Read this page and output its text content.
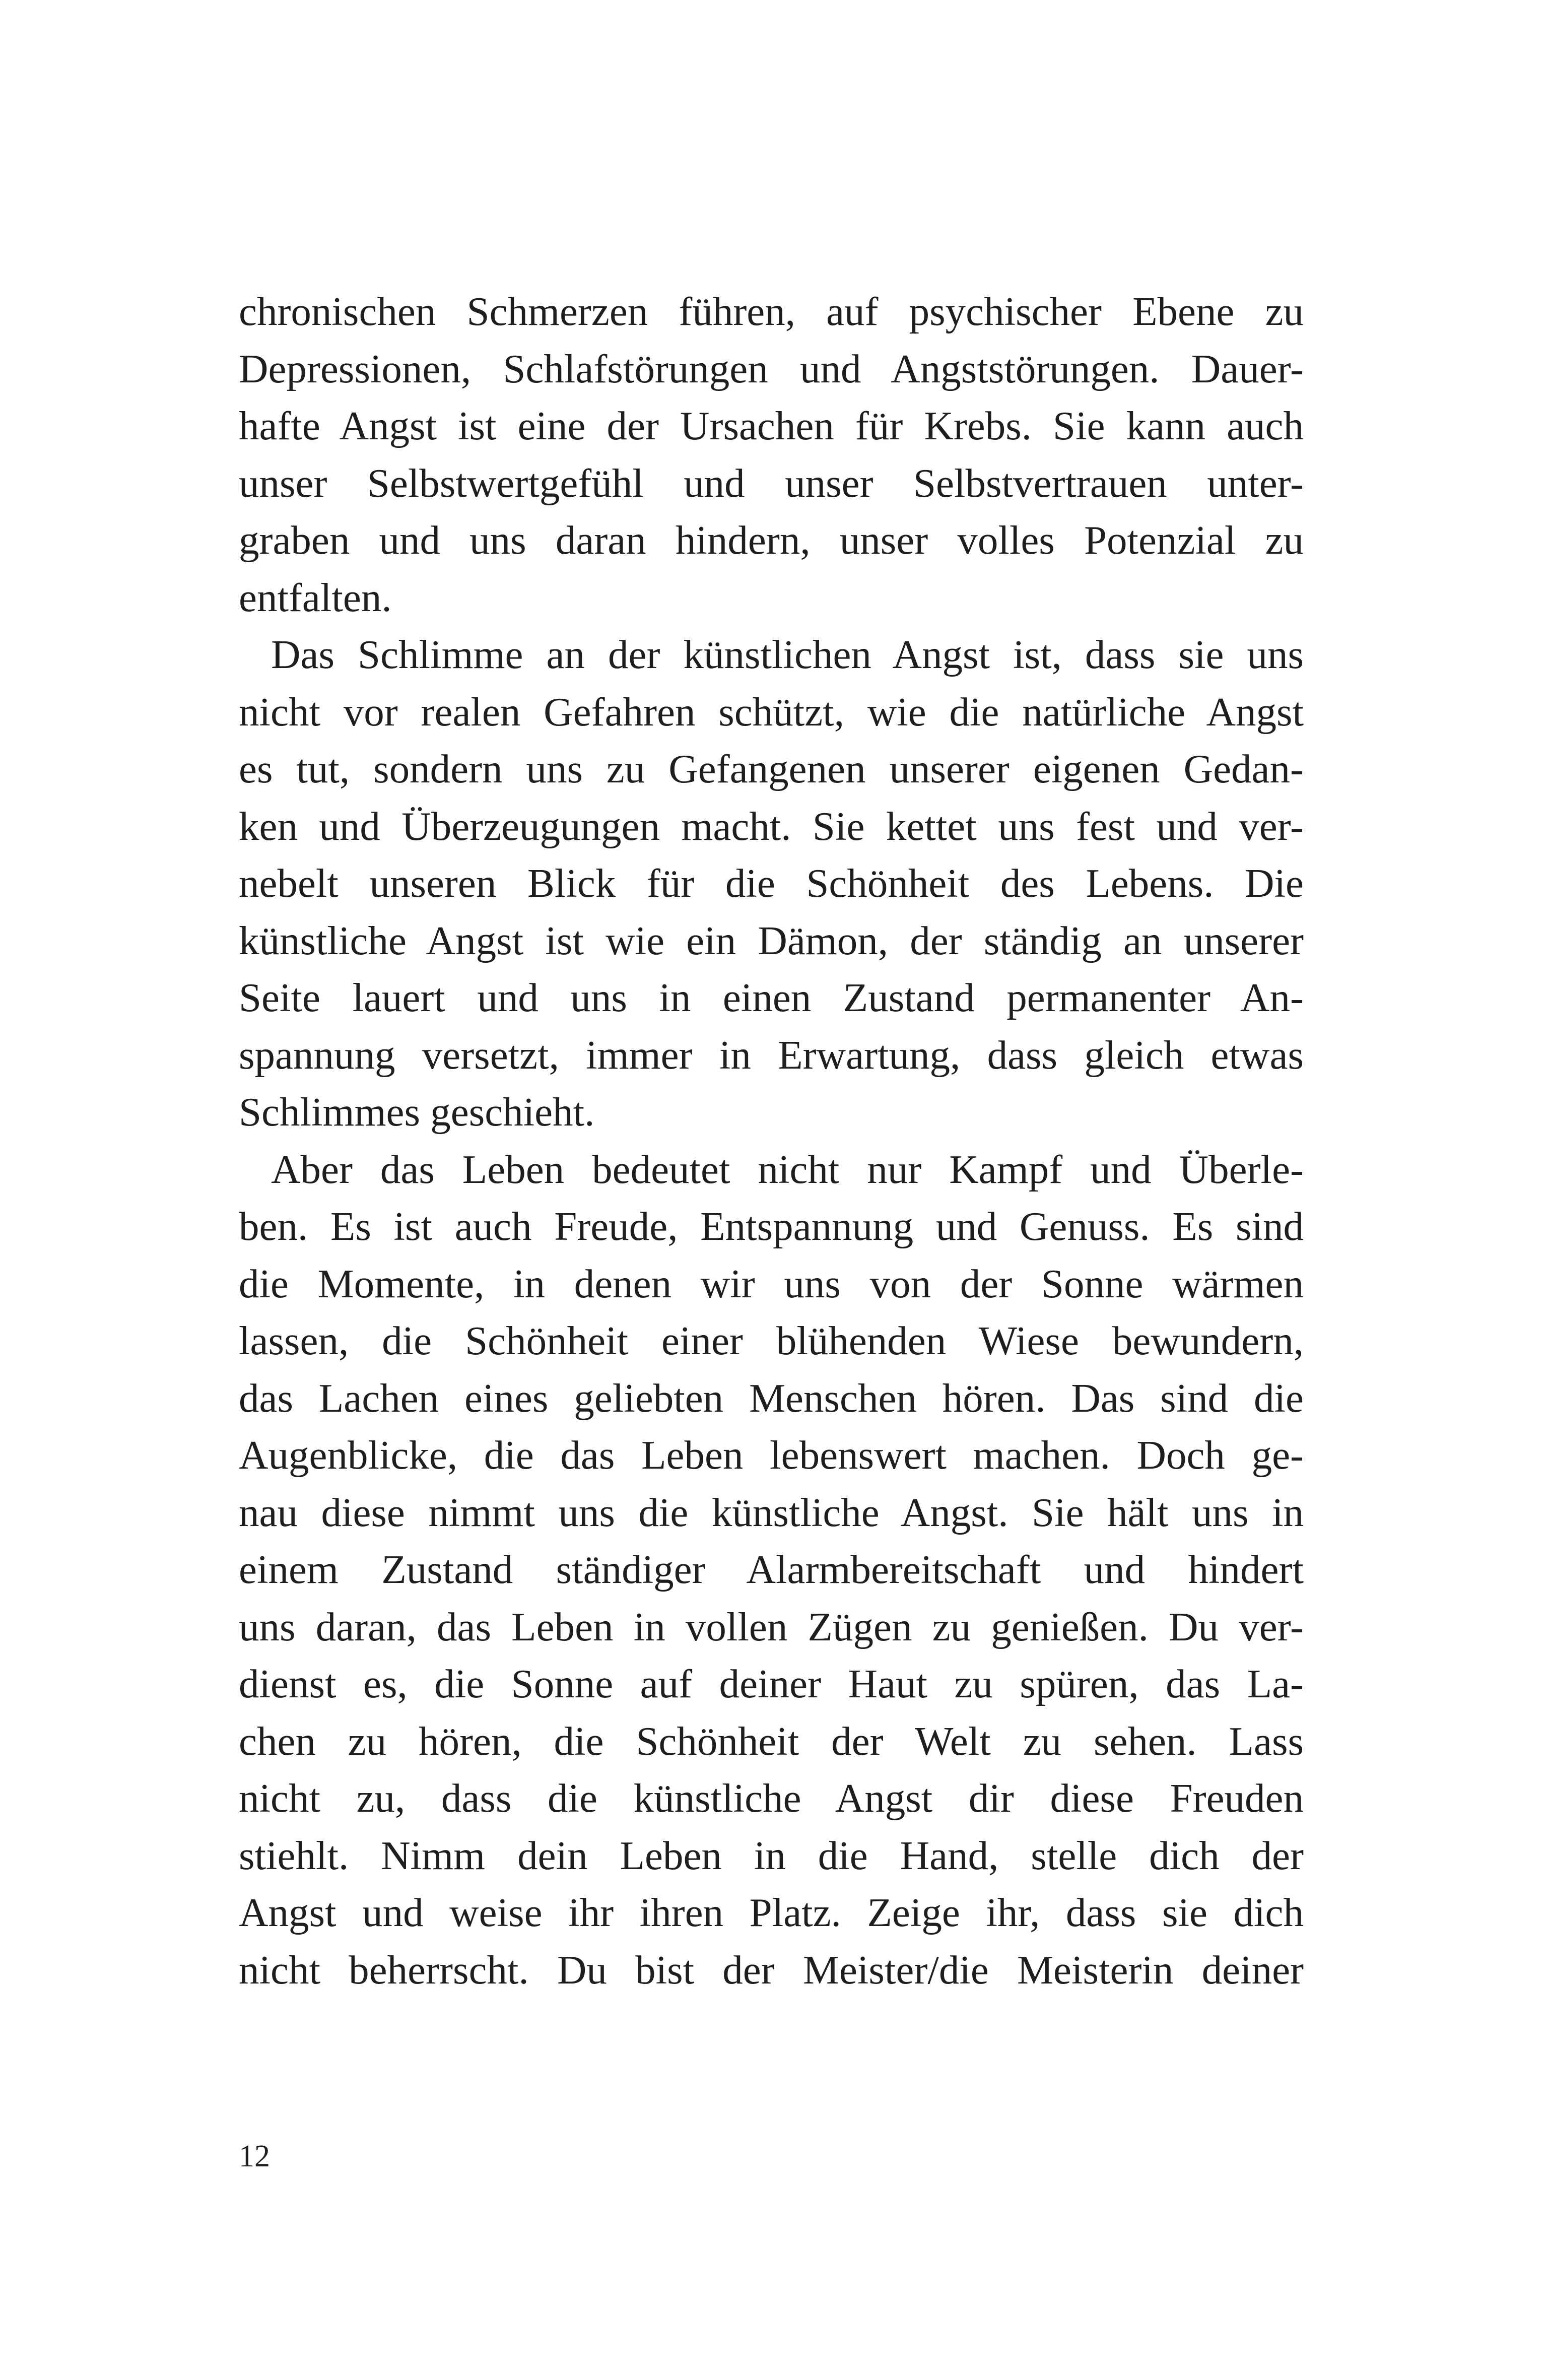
chronischen Schmerzen führen, auf psychischer Ebene zu
Depressionen, Schlafstörungen und Angststörungen. Dauer-
hafte Angst ist eine der Ursachen für Krebs. Sie kann auch
unser Selbstwertgefühl und unser Selbstvertrauen unter-
graben und uns daran hindern, unser volles Potenzial zu
entfalten.
Das Schlimme an der künstlichen Angst ist, dass sie uns
nicht vor realen Gefahren schützt, wie die natürliche Angst
es tut, sondern uns zu Gefangenen unserer eigenen Gedan-
ken und Überzeugungen macht. Sie kettet uns fest und ver-
nebelt unseren Blick für die Schönheit des Lebens. Die
künstliche Angst ist wie ein Dämon, der ständig an unserer
Seite lauert und uns in einen Zustand permanenter An-
spannung versetzt, immer in Erwartung, dass gleich etwas
Schlimmes geschieht.
Aber das Leben bedeutet nicht nur Kampf und Überle-
ben. Es ist auch Freude, Entspannung und Genuss. Es sind
die Momente, in denen wir uns von der Sonne wärmen
lassen, die Schönheit einer blühenden Wiese bewundern,
das Lachen eines geliebten Menschen hören. Das sind die
Augenblicke, die das Leben lebenswert machen. Doch ge-
nau diese nimmt uns die künstliche Angst. Sie hält uns in
einem Zustand ständiger Alarmbereitschaft und hindert
uns daran, das Leben in vollen Zügen zu genießen. Du ver-
dienst es, die Sonne auf deiner Haut zu spüren, das La-
chen zu hören, die Schönheit der Welt zu sehen. Lass
nicht zu, dass die künstliche Angst dir diese Freuden
stiehlt. Nimm dein Leben in die Hand, stelle dich der
Angst und weise ihr ihren Platz. Zeige ihr, dass sie dich
nicht beherrscht. Du bist der Meister/die Meisterin deiner
12
